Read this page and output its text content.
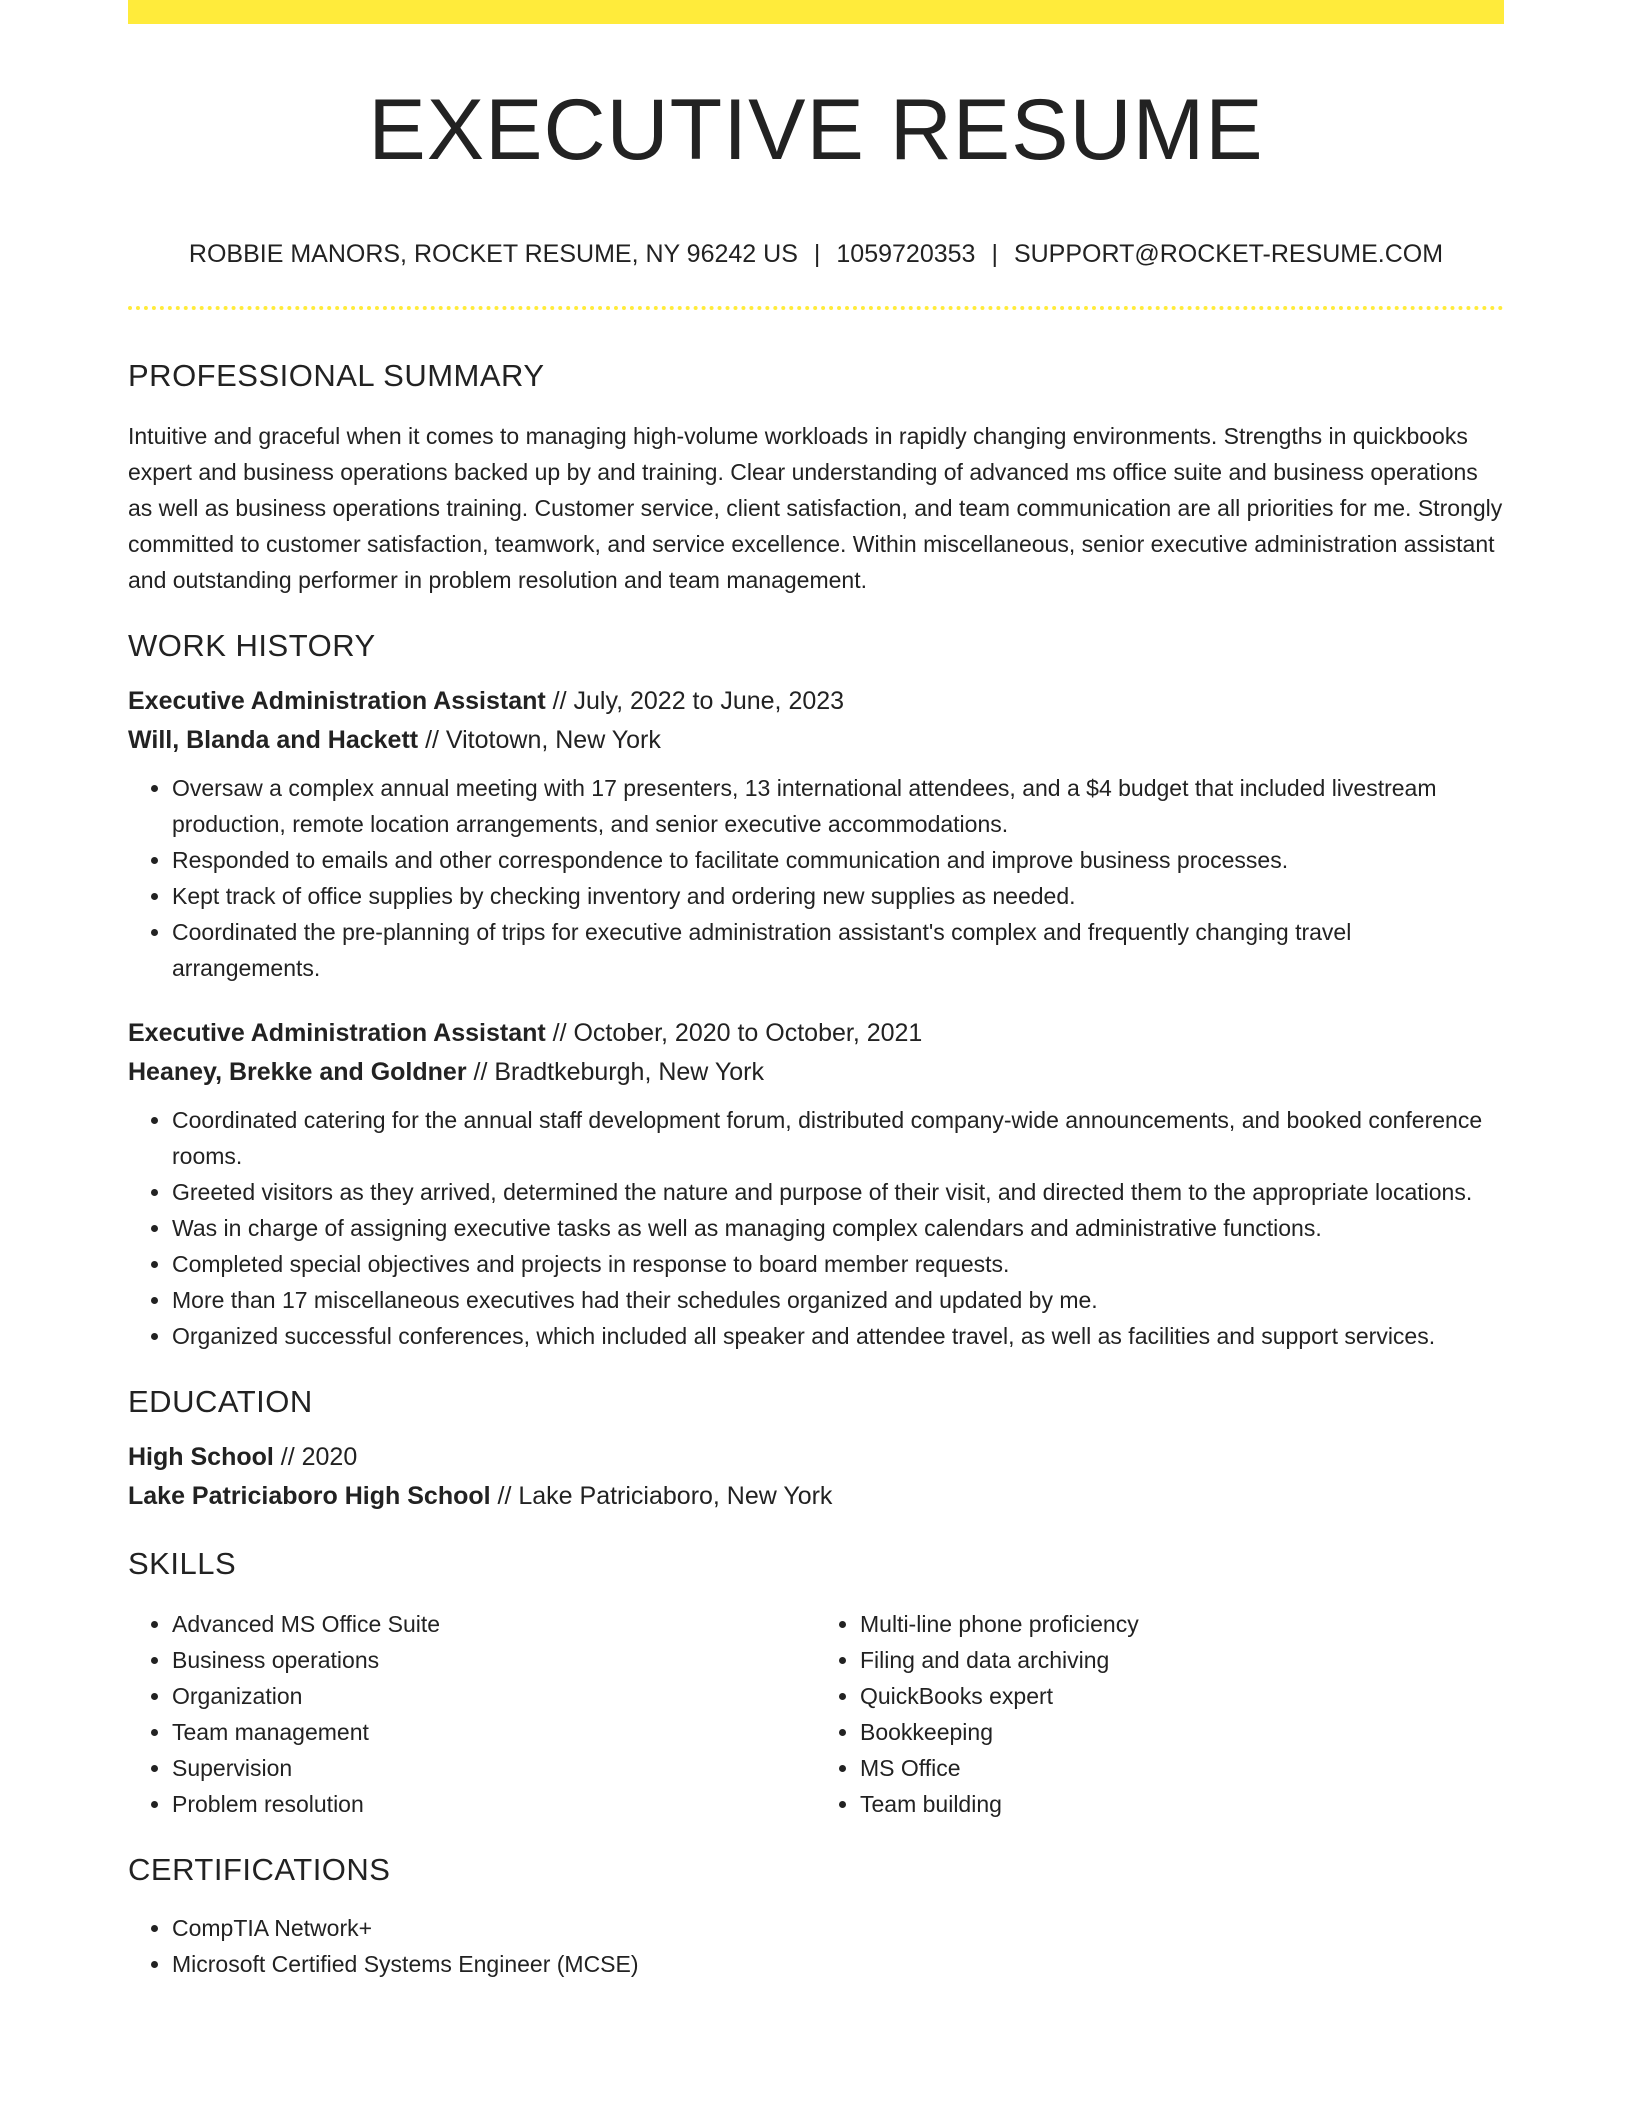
EXECUTIVE RESUME
ROBBIE MANORS, ROCKET RESUME, NY 96242 US | 1059720353 | SUPPORT@ROCKET-RESUME.COM
PROFESSIONAL SUMMARY

Intuitive and graceful when it comes to managing high-volume workloads in rapidly changing environments. Strengths in quickbooks expert and business operations backed up by and training. Clear understanding of advanced ms office suite and business operations as well as business operations training. Customer service, client satisfaction, and team communication are all priorities for me. Strongly committed to customer satisfaction, teamwork, and service excellence. Within miscellaneous, senior executive administration assistant and outstanding performer in problem resolution and team management.

WORK HISTORY
Executive Administration Assistant // July, 2022 to June, 2023
Will, Blanda and Hackett // Vitotown, New York
• Oversaw a complex annual meeting with 17 presenters, 13 international attendees, and a $4 budget that included livestream production, remote location arrangements, and senior executive accommodations.
• Responded to emails and other correspondence to facilitate communication and improve business processes.
• Kept track of office supplies by checking inventory and ordering new supplies as needed.
• Coordinated the pre-planning of trips for executive administration assistant's complex and frequently changing travel arrangements.
Executive Administration Assistant // October, 2020 to October, 2021
Heaney, Brekke and Goldner // Bradtkeburgh, New York
• Coordinated catering for the annual staff development forum, distributed company-wide announcements, and booked conference rooms.
• Greeted visitors as they arrived, determined the nature and purpose of their visit, and directed them to the appropriate locations.
• Was in charge of assigning executive tasks as well as managing complex calendars and administrative functions.
• Completed special objectives and projects in response to board member requests.
• More than 17 miscellaneous executives had their schedules organized and updated by me.
• Organized successful conferences, which included all speaker and attendee travel, as well as facilities and support services.
EDUCATION
High School // 2020
Lake Patriciaboro High School // Lake Patriciaboro, New York
SKILLS
• Advanced MS Office Suite
• Business operations
• Organization
• Team management
• Supervision
• Problem resolution
• Multi-line phone proficiency
• Filing and data archiving
• QuickBooks expert
• Bookkeeping
• MS Office
• Team building
CERTIFICATIONS
• CompTIA Network+
• Microsoft Certified Systems Engineer (MCSE)
